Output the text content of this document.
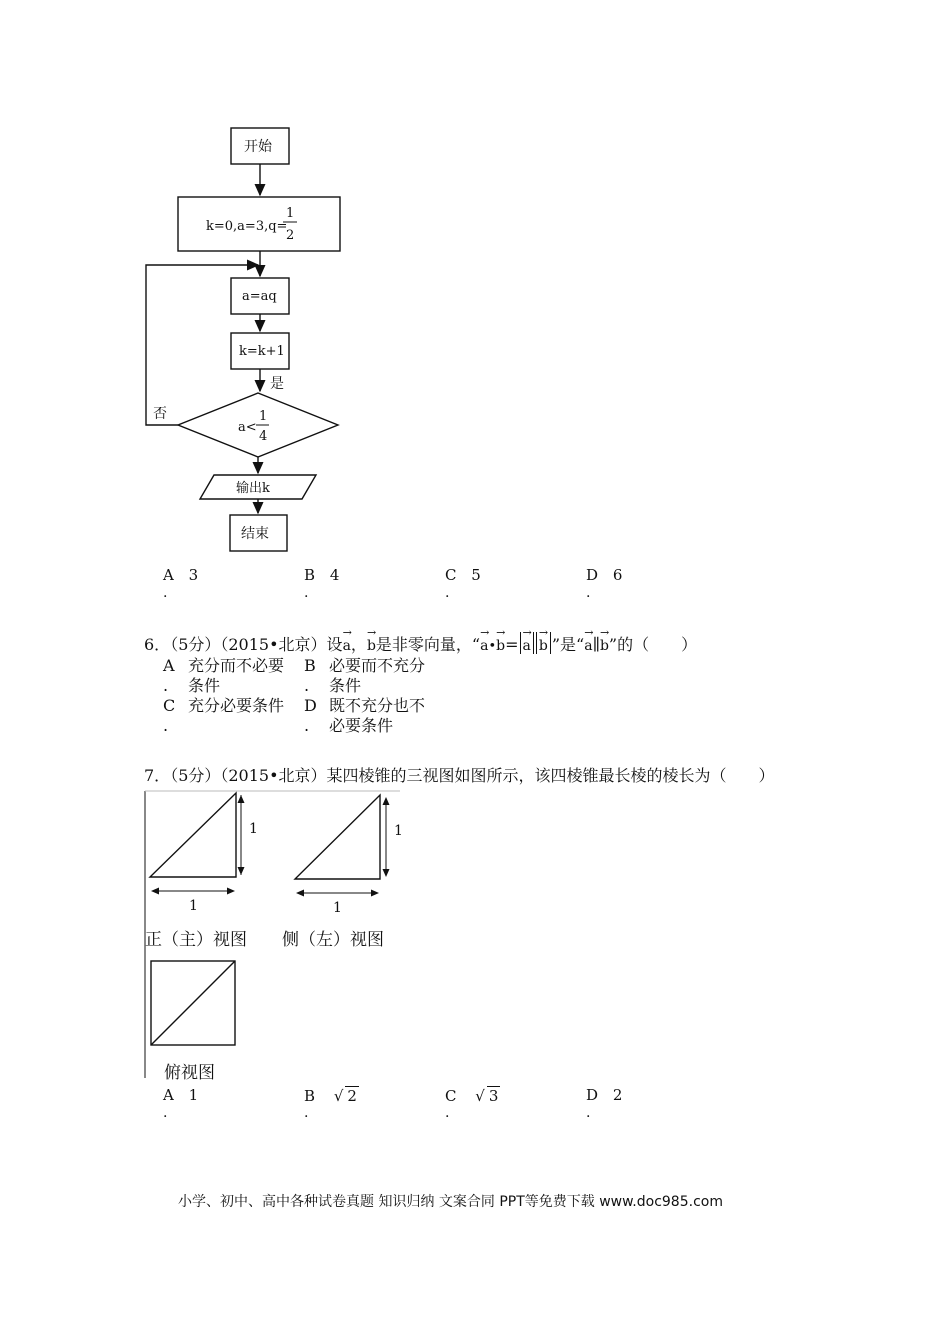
开始
k=0,a=3,q=
1
2
a=aq
k=k+1
是
否
a<
1
4
输出k
结束
A 3
.
B 4
.
C 5
.
D 6
.
6．（5分）（2015•北京）设→ a，→ b是非零向量，“→ a•→ b= → a → b ”是“→ a∥→ b”的（　　）
A
.
充分而不必要
条件
B
.
必要而不充分
条件
C
.
充分必要条件 D
.
既不充分也不
必要条件
7．（5分）（2015•北京）某四棱锥的三视图如图所示，该四棱锥最长棱的棱长为（　　）
1
1
1
1
正（主）视图 侧（左）视图
俯视图
A 1
.
B √ 2
.
C √ 3
.
D 2
.
小学、初中、高中各种试卷真题 知识归纳 文案合同 PPT等免费下载 www.doc985.com
